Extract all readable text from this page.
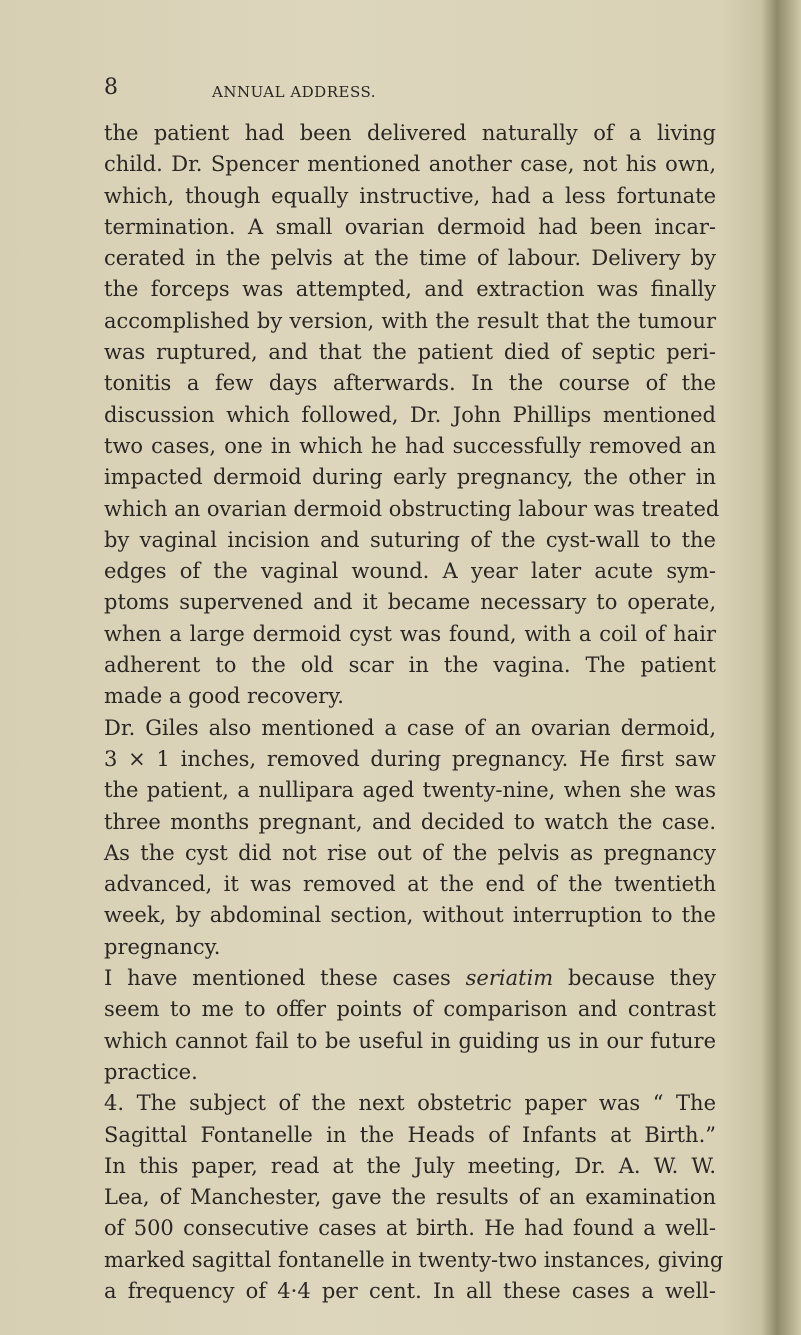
8	ANNUAL ADDRESS.
the patient had been delivered naturally of a living
child. Dr. Spencer mentioned another case, not his own,
which, though equally instructive, had a less fortunate
termination. A small ovarian dermoid had been incar-
cerated in the pelvis at the time of labour. Delivery by
the forceps was attempted, and extraction was finally
accomplished by version, with the result that the tumour
was ruptured, and that the patient died of septic peri-
tonitis a few days afterwards. In the course of the
discussion which followed, Dr. John Phillips mentioned
two cases, one in which he had successfully removed an
impacted dermoid during early pregnancy, the other in
which an ovarian dermoid obstructing labour was treated
by vaginal incision and suturing of the cyst-wall to the
edges of the vaginal wound. A year later acute sym-
ptoms supervened and it became necessary to operate,
when a large dermoid cyst was found, with a coil of hair
adherent to the old scar in the vagina. The patient
made a good recovery.
Dr. Giles also mentioned a case of an ovarian dermoid,
3 × 1 inches, removed during pregnancy. He first saw
the patient, a nullipara aged twenty-nine, when she was
three months pregnant, and decided to watch the case.
As the cyst did not rise out of the pelvis as pregnancy
advanced, it was removed at the end of the twentieth
week, by abdominal section, without interruption to the
pregnancy.
I have mentioned these cases seriatim because they
seem to me to offer points of comparison and contrast
which cannot fail to be useful in guiding us in our future
practice.
4. The subject of the next obstetric paper was “ The
Sagittal Fontanelle in the Heads of Infants at Birth.”
In this paper, read at the July meeting, Dr. A. W. W.
Lea, of Manchester, gave the results of an examination
of 500 consecutive cases at birth. He had found a well-
marked sagittal fontanelle in twenty-two instances, giving
a frequency of 4·4 per cent. In all these cases a well-
